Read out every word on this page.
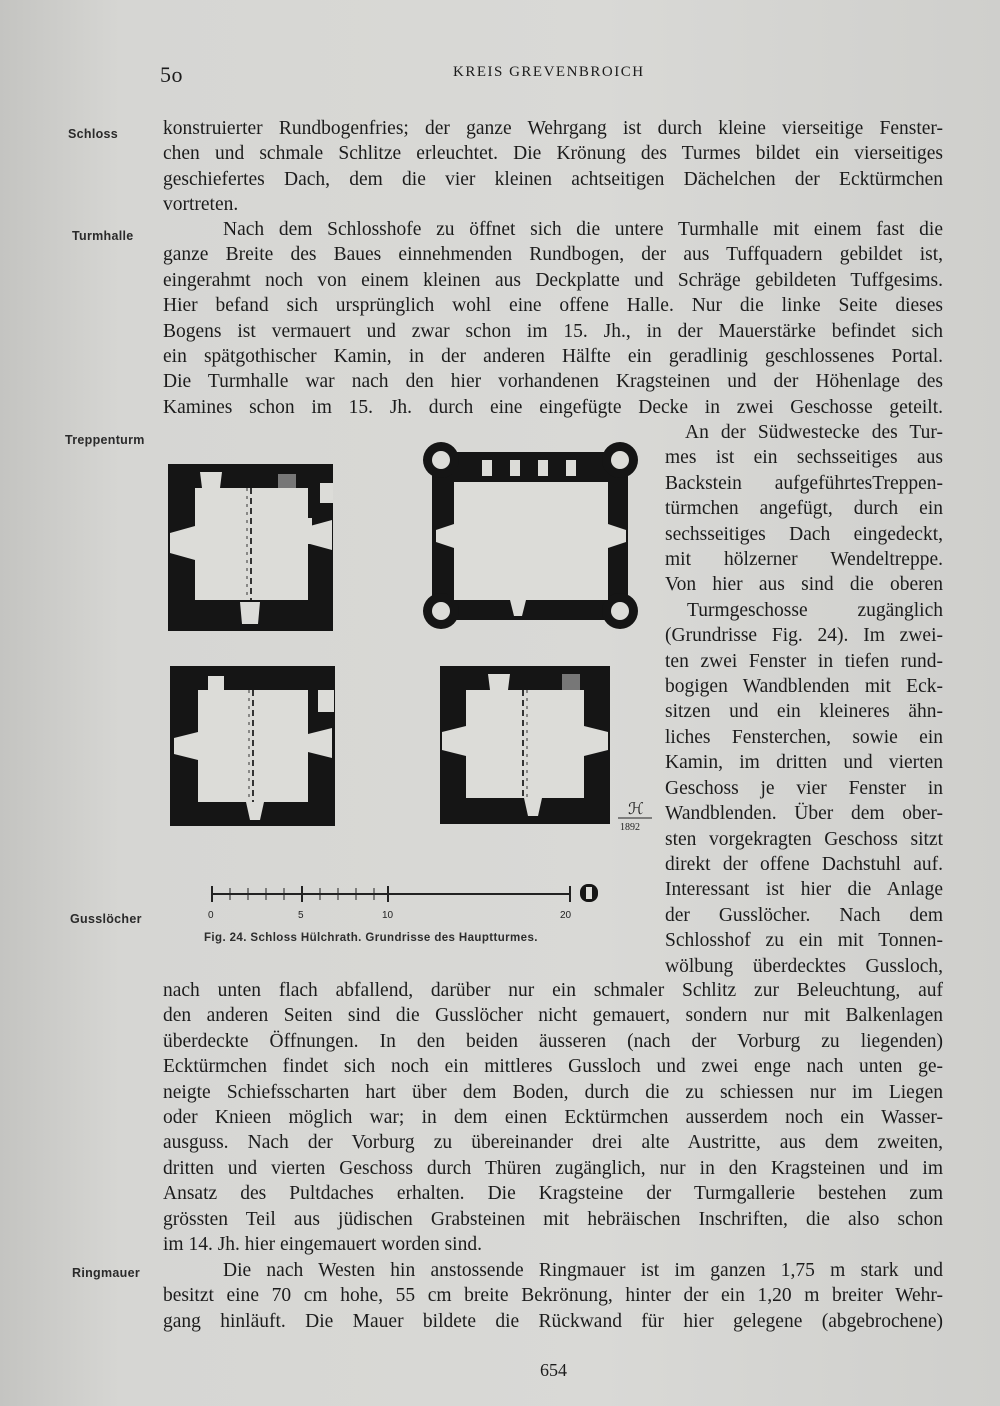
5o	KREIS GREVENBROICH
Schloss
Turmhalle
Treppenturm
Gusslöcher
Ringmauer
konstruierter Rundbogenfries; der ganze Wehrgang ist durch kleine vierseitige Fenster-
chen und schmale Schlitze erleuchtet. Die Krönung des Turmes bildet ein vierseitiges
geschiefertes Dach, dem die vier kleinen achtseitigen Dächelchen der Ecktürmchen
vortreten.
Nach dem Schlosshofe zu öffnet sich die untere Turmhalle mit einem fast die
ganze Breite des Baues einnehmenden Rundbogen, der aus Tuffquadern gebildet ist,
eingerahmt noch von einem kleinen aus Deckplatte und Schräge gebildeten Tuffgesims.
Hier befand sich ursprünglich wohl eine offene Halle. Nur die linke Seite dieses
Bogens ist vermauert und zwar schon im 15. Jh., in der Mauerstärke befindet sich
ein spätgothischer Kamin, in der anderen Hälfte ein geradlinig geschlossenes Portal.
Die Turmhalle war nach den hier vorhandenen Kragsteinen und der Höhenlage des
Kamines schon im 15. Jh. durch eine eingefügte Decke in zwei Geschosse geteilt.
An der Südwestecke des Tur-
mes ist ein sechsseitiges aus
Backstein aufgeführtesTreppen-
türmchen angefügt, durch ein
sechsseitiges Dach eingedeckt,
mit hölzerner Wendeltreppe.
Von hier aus sind die oberen
Turmgeschosse zugänglich
(Grundrisse Fig. 24). Im zwei-
ten zwei Fenster in tiefen rund-
bogigen Wandblenden mit Eck-
sitzen und ein kleineres ähn-
liches Fensterchen, sowie ein
Kamin, im dritten und vierten
Geschoss je vier Fenster in
Wandblenden. Über dem ober-
sten vorgekragten Geschoss sitzt
direkt der offene Dachstuhl auf.
Interessant ist hier die Anlage
der Gusslöcher. Nach dem
Schlosshof zu ein mit Tonnen-
wölbung überdecktes Gussloch,
ℋ
1892
0	5	10	20
Fig. 24. Schloss Hülchrath. Grundrisse des Hauptturmes.
nach unten flach abfallend, darüber nur ein schmaler Schlitz zur Beleuchtung, auf
den anderen Seiten sind die Gusslöcher nicht gemauert, sondern nur mit Balkenlagen
überdeckte Öffnungen. In den beiden äusseren (nach der Vorburg zu liegenden)
Ecktürmchen findet sich noch ein mittleres Gussloch und zwei enge nach unten ge-
neigte Schiefsscharten hart über dem Boden, durch die zu schiessen nur im Liegen
oder Knieen möglich war; in dem einen Ecktürmchen ausserdem noch ein Wasser-
ausguss. Nach der Vorburg zu übereinander drei alte Austritte, aus dem zweiten,
dritten und vierten Geschoss durch Thüren zugänglich, nur in den Kragsteinen und im
Ansatz des Pultdaches erhalten. Die Kragsteine der Turmgallerie bestehen zum
grössten Teil aus jüdischen Grabsteinen mit hebräischen Inschriften, die also schon
im 14. Jh. hier eingemauert worden sind.
Die nach Westen hin anstossende Ringmauer ist im ganzen 1,75 m stark und
besitzt eine 70 cm hohe, 55 cm breite Bekrönung, hinter der ein 1,20 m breiter Wehr-
gang hinläuft. Die Mauer bildete die Rückwand für hier gelegene (abgebrochene)
654
